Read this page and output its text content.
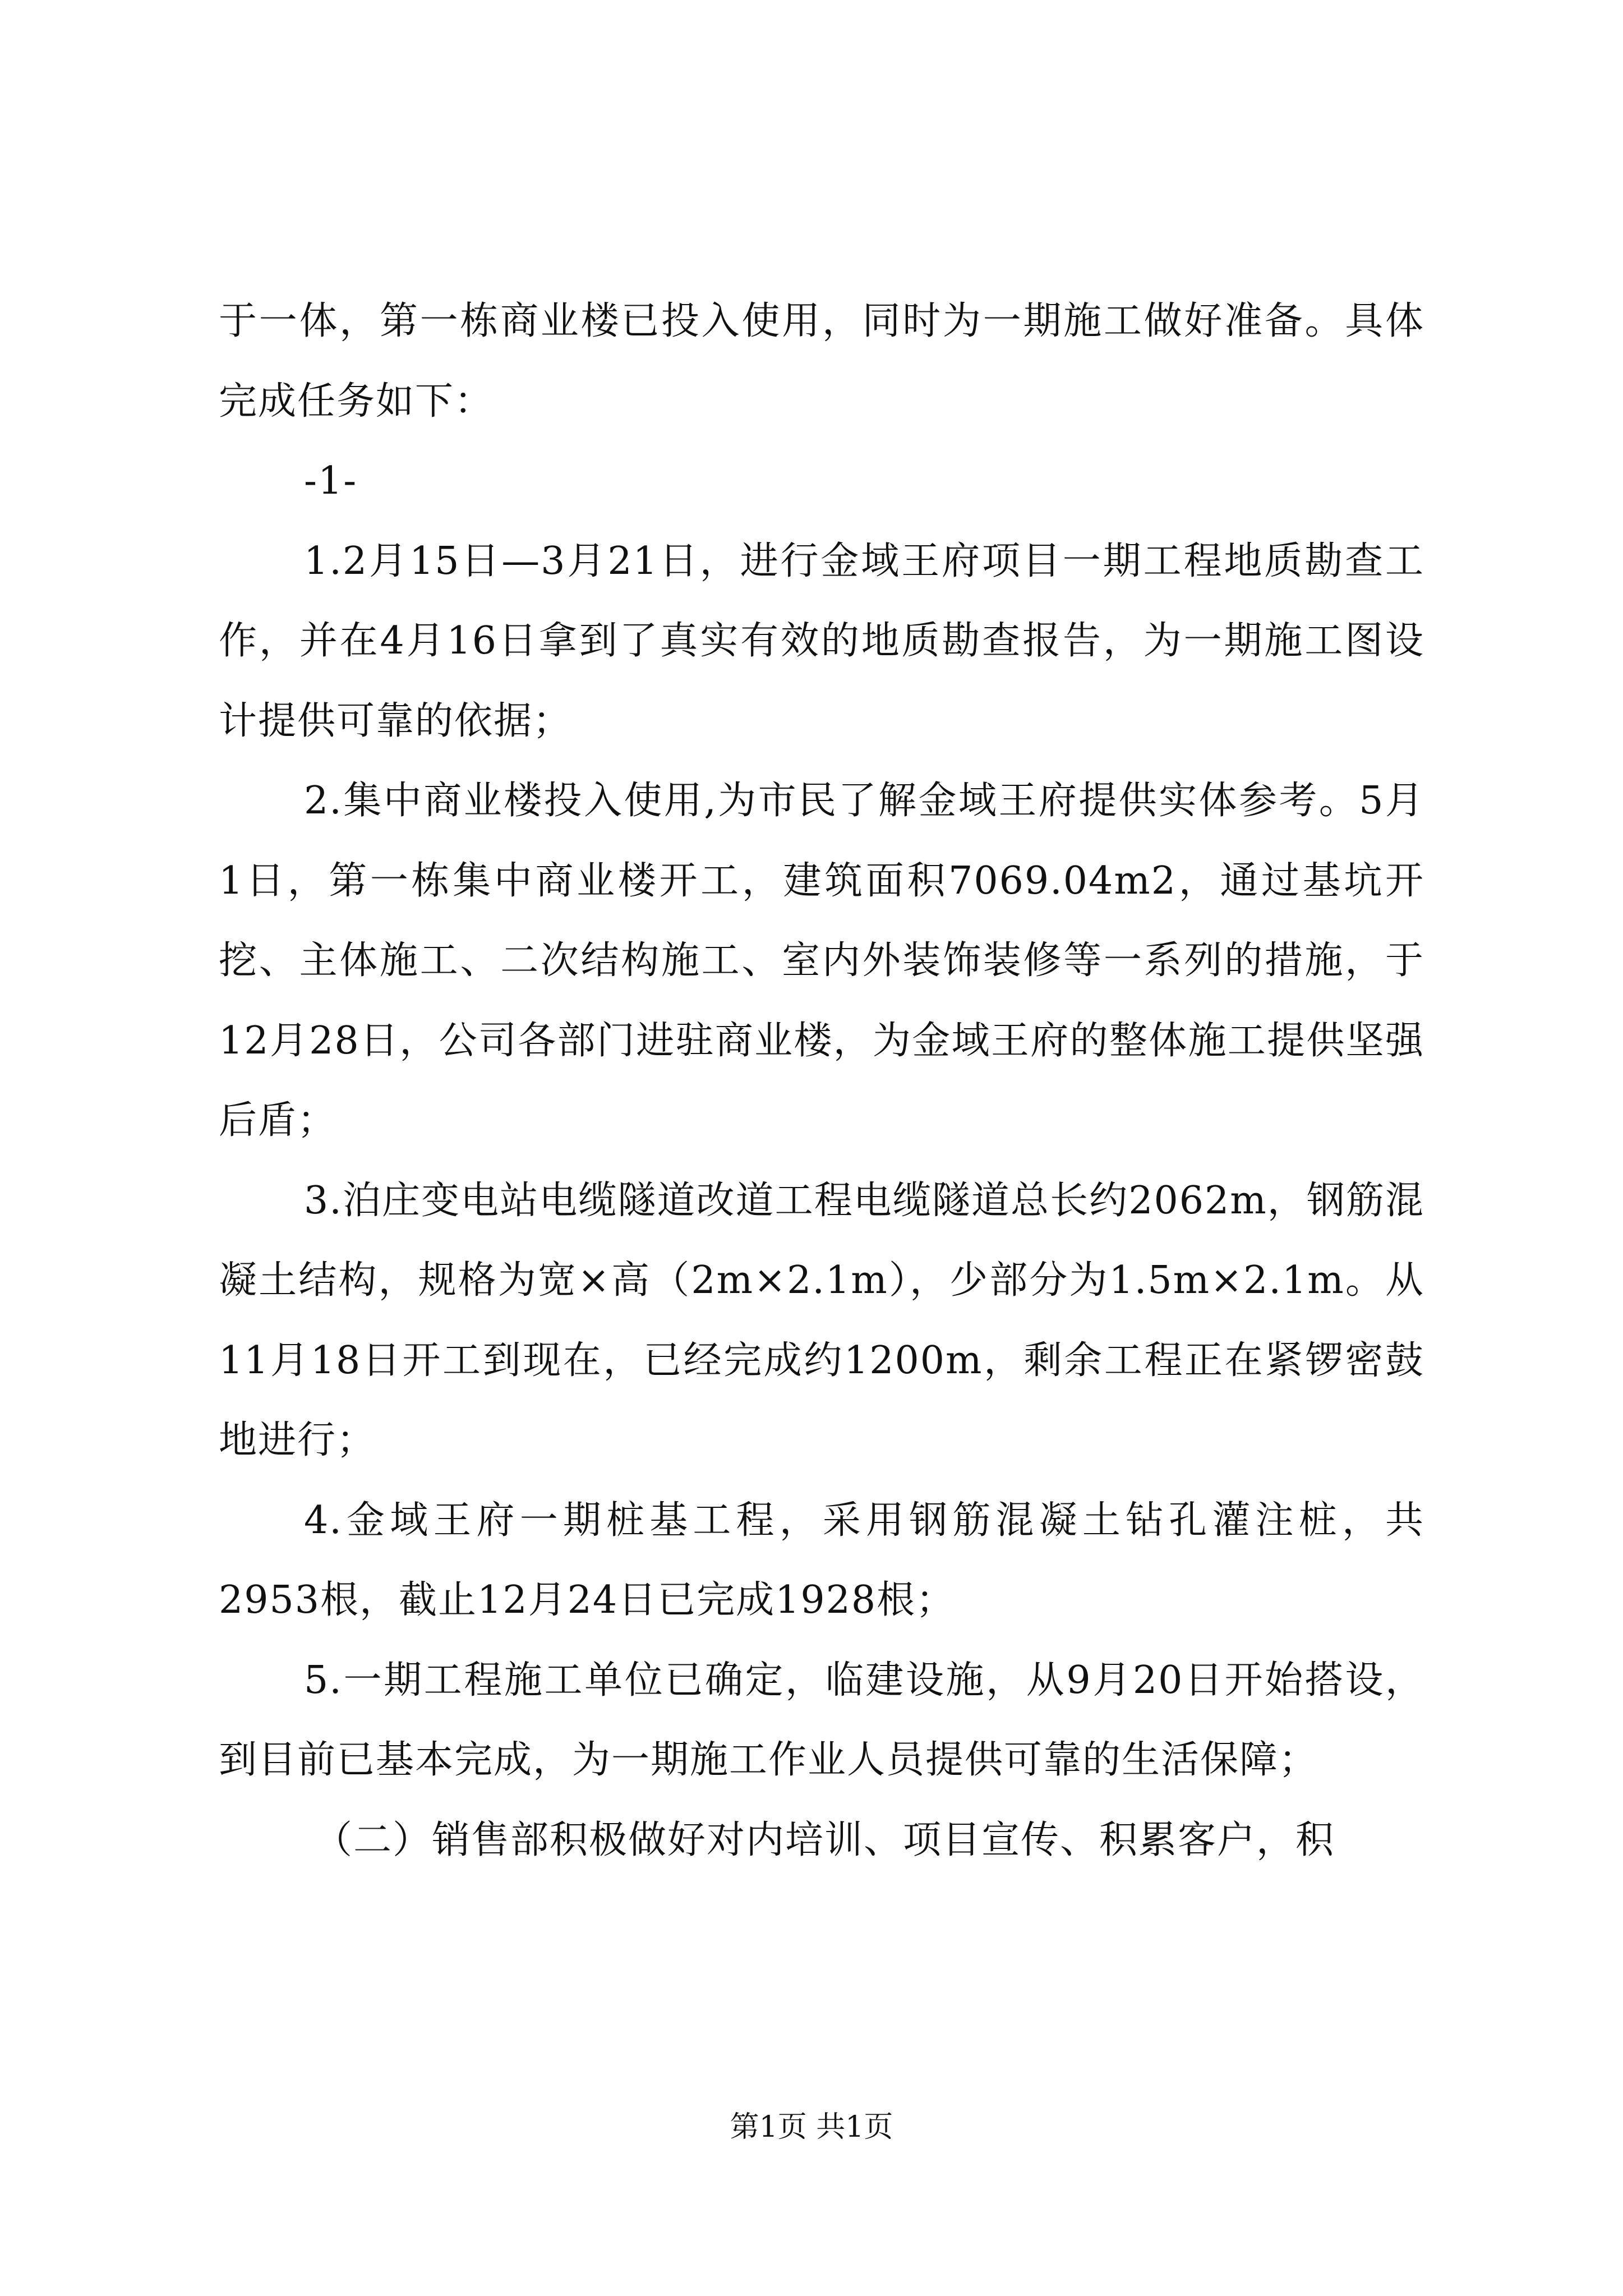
于一体，第一栋商业楼已投入使用，同时为一期施工做好准备。具体完成任务如下：

-1-

1.2月15日—3月21日，进行金域王府项目一期工程地质勘查工作，并在4月16日拿到了真实有效的地质勘查报告，为一期施工图设计提供可靠的依据；

2.集中商业楼投入使用,为市民了解金域王府提供实体参考。5月1日，第一栋集中商业楼开工，建筑面积7069.04m2，通过基坑开挖、主体施工、二次结构施工、室内外装饰装修等一系列的措施，于12月28日，公司各部门进驻商业楼，为金域王府的整体施工提供坚强后盾；

3.泊庄变电站电缆隧道改道工程电缆隧道总长约2062m，钢筋混凝土结构，规格为宽×高（2m×2.1m），少部分为1.5m×2.1m。从11月18日开工到现在，已经完成约1200m，剩余工程正在紧锣密鼓地进行；

4.金域王府一期桩基工程，采用钢筋混凝土钻孔灌注桩，共2953根，截止12月24日已完成1928根；

5.一期工程施工单位已确定，临建设施，从9月20日开始搭设，到目前已基本完成，为一期施工作业人员提供可靠的生活保障；

（二）销售部积极做好对内培训、项目宣传、积累客户，积

第1页 共1页
